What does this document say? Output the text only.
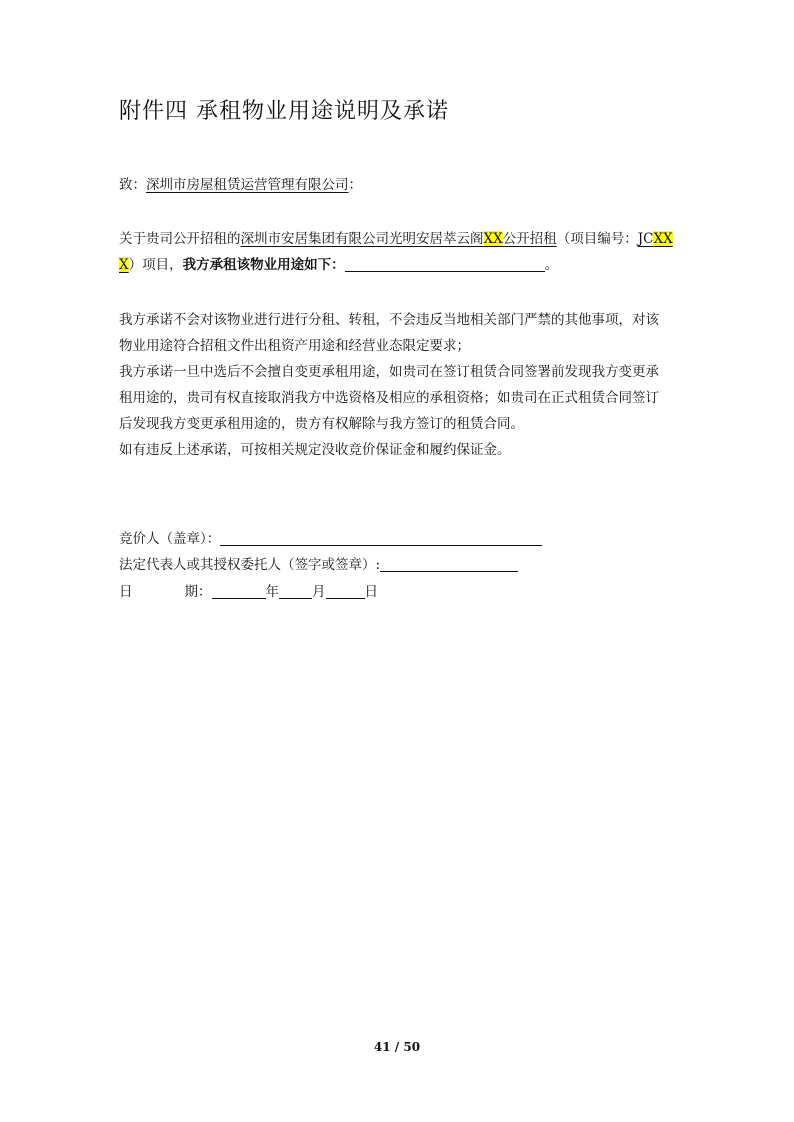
附件四 承租物业用途说明及承诺
致：深圳市房屋租赁运营管理有限公司：
关于贵司公开招租的深圳市安居集团有限公司光明安居萃云阁XX公开招租（项目编号：JCXX
X）项目，我方承租该物业用途如下：	。
我方承诺不会对该物业进行进行分租、转租，不会违反当地相关部门严禁的其他事项，对该
物业用途符合招租文件出租资产用途和经营业态限定要求；
我方承诺一旦中选后不会擅自变更承租用途，如贵司在签订租赁合同签署前发现我方变更承
租用途的，贵司有权直接取消我方中选资格及相应的承租资格；如贵司在正式租赁合同签订
后发现我方变更承租用途的，贵方有权解除与我方签订的租赁合同。
如有违反上述承诺，可按相关规定没收竞价保证金和履约保证金。
竞价人（盖章）：
法定代表人或其授权委托人（签字或签章）:
日	期：	年 月	日
41 / 50
